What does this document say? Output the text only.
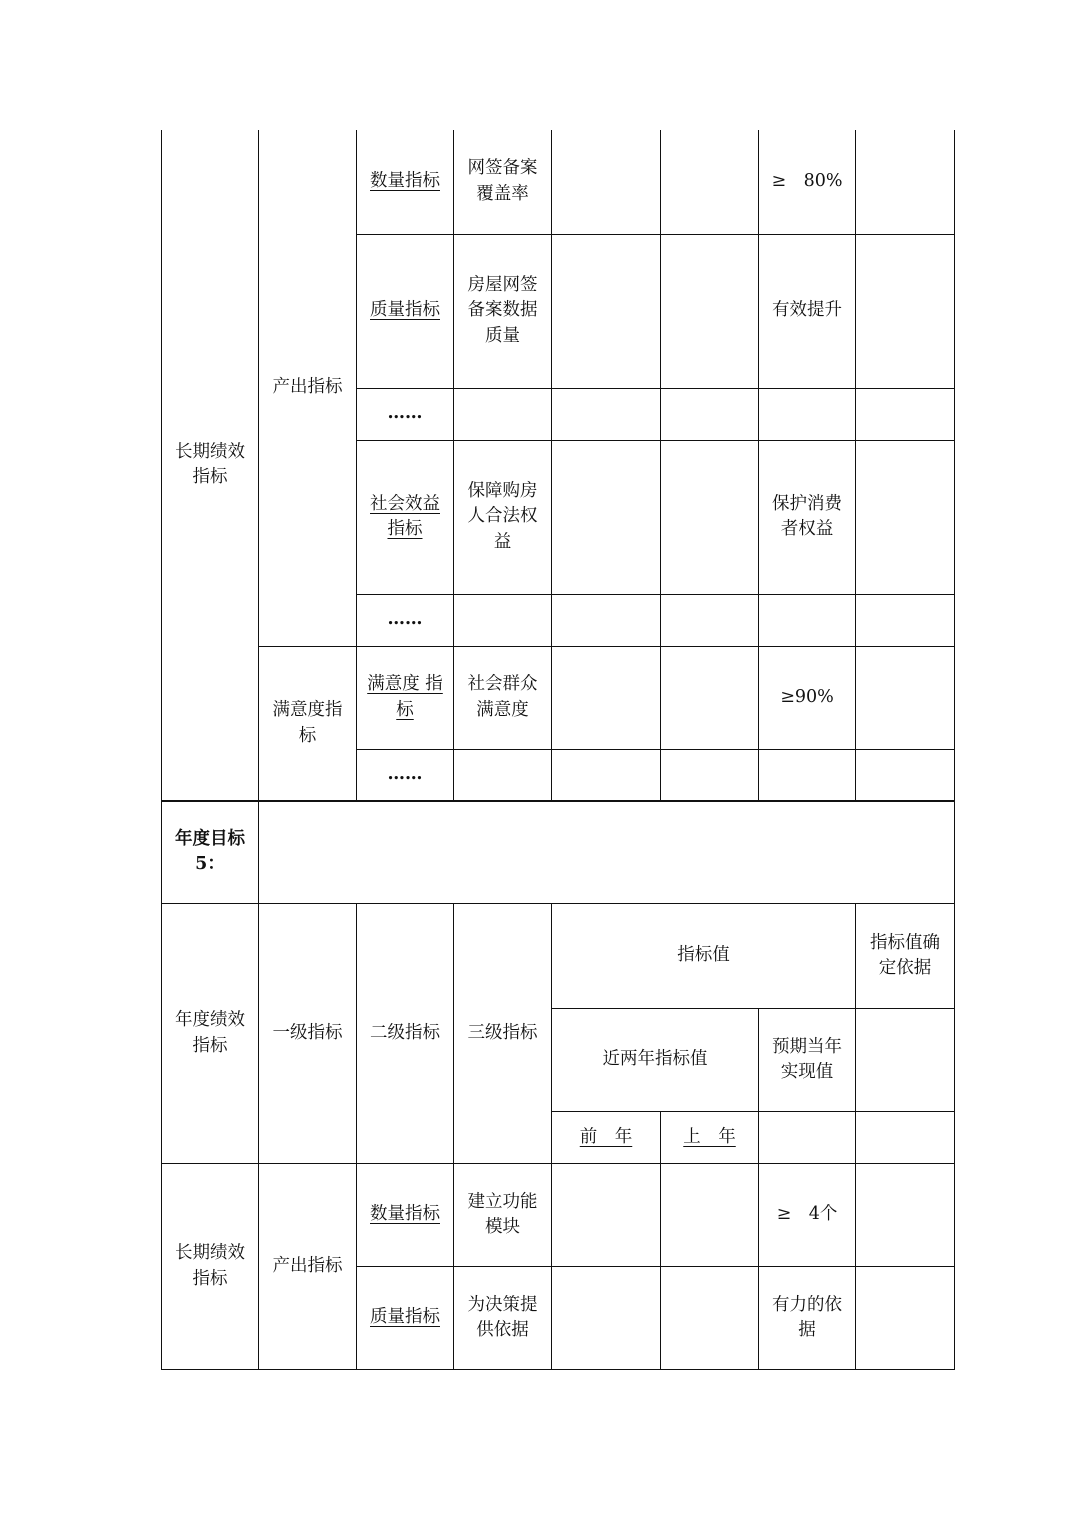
长期绩效指标	产出指标	数量指标	网签备案覆盖率			≥　80%	
		质量指标	房屋网签备案数据质量			有效提升	
		……					
		社会效益指标	保障购房人合法权益			保护消费者权益	
		……					
	满意度指标	满意度 指标	社会群众满意度			≥90%	
		……					
年度目标5：							
年度绩效指标	一级指标	二级指标	三级指标	指标值			指标值确定依据
				近两年指标值		预期当年实现值	
				前　年	上　年		
长期绩效指标	产出指标	数量指标	建立功能模块			≥　4个	
		质量指标	为决策提供依据			有力的依据	
